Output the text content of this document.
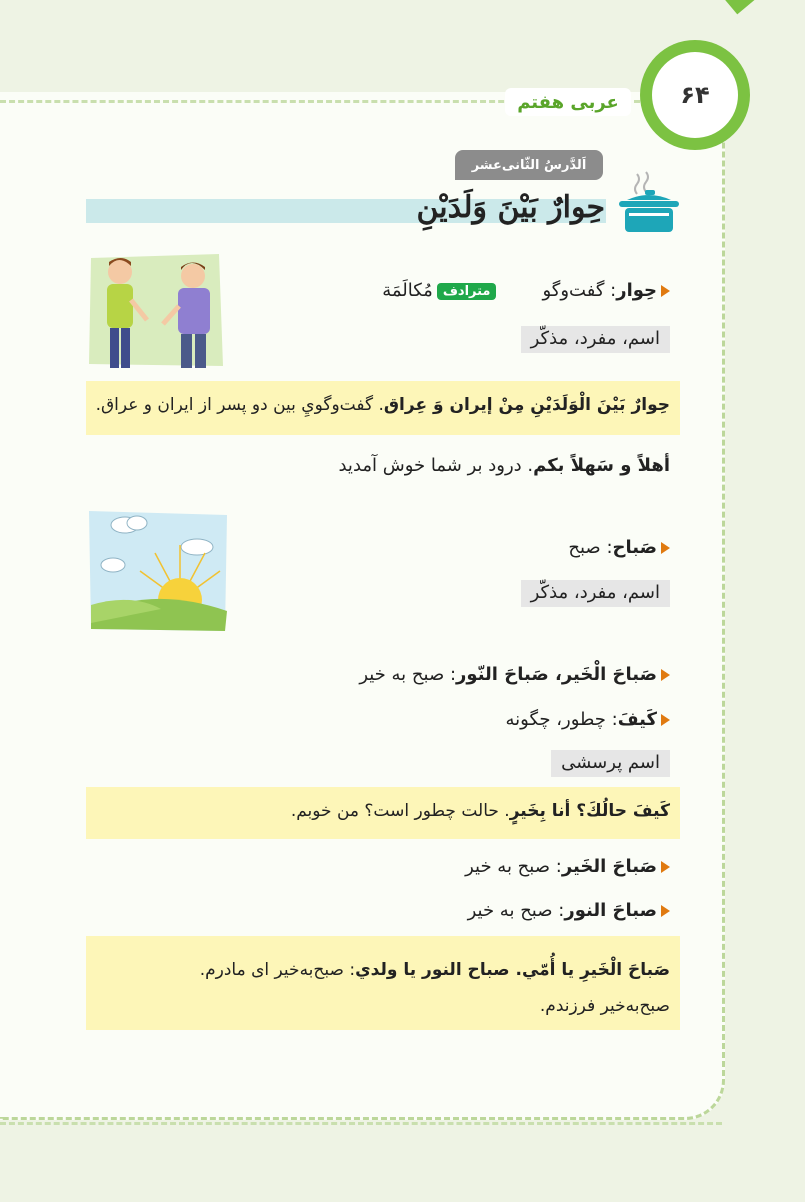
۶۴
عربی هفتم
اَلدَّرسُ الثّانی‌عشر
حِوارٌ بَيْنَ وَلَدَيْنِ
حِوار: گفت‌وگومترادفمُكالَمَة
اسم، مفرد، مذكّر
حِوارٌ بَيْنَ الْوَلَدَيْنِ مِنْ إيران وَ عِراق. گفت‌وگويِ بين دو پسر از ايران و عراق.
أهلاً و سَهلاً بكم. درود بر شما خوش آمديد
صَباح: صبح
اسم، مفرد، مذكّر
صَباحَ الْخَير، صَباحَ النّور: صبح به خير
كَيفَ: چطور، چگونه
اسم پرسشی
كَيفَ حالُكَ؟ أنا بِخَيرٍ. حالت چطور است؟ من خوبم.
صَباحَ الخَير: صبح به خير
صباحَ النور: صبح به خير
صَباحَ الْخَيرِ يا أُمّي. صباح النور يا ولدي: صبح‌به‌خير ای مادرم.
صبح‌به‌خير فرزندم.
